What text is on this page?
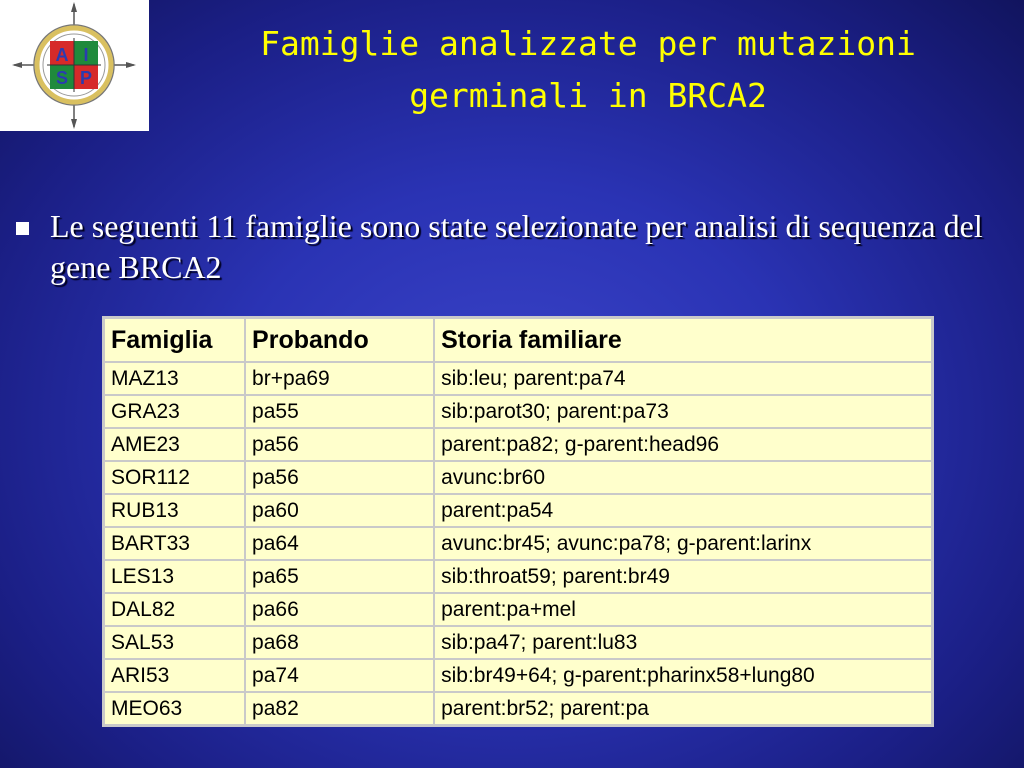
A I
S P
Famiglie analizzate per mutazioni
germinali in BRCA2
Le seguenti 11 famiglie sono state selezionate per analisi di sequenza del gene BRCA2
Famiglia	Probando	Storia familiare
MAZ13	br+pa69	sib:leu; parent:pa74
GRA23	pa55	sib:parot30; parent:pa73
AME23	pa56	parent:pa82; g-parent:head96
SOR112	pa56	avunc:br60
RUB13	pa60	parent:pa54
BART33	pa64	avunc:br45; avunc:pa78; g-parent:larinx
LES13	pa65	sib:throat59; parent:br49
DAL82	pa66	parent:pa+mel
SAL53	pa68	sib:pa47; parent:lu83
ARI53	pa74	sib:br49+64; g-parent:pharinx58+lung80
MEO63	pa82	parent:br52; parent:pa
